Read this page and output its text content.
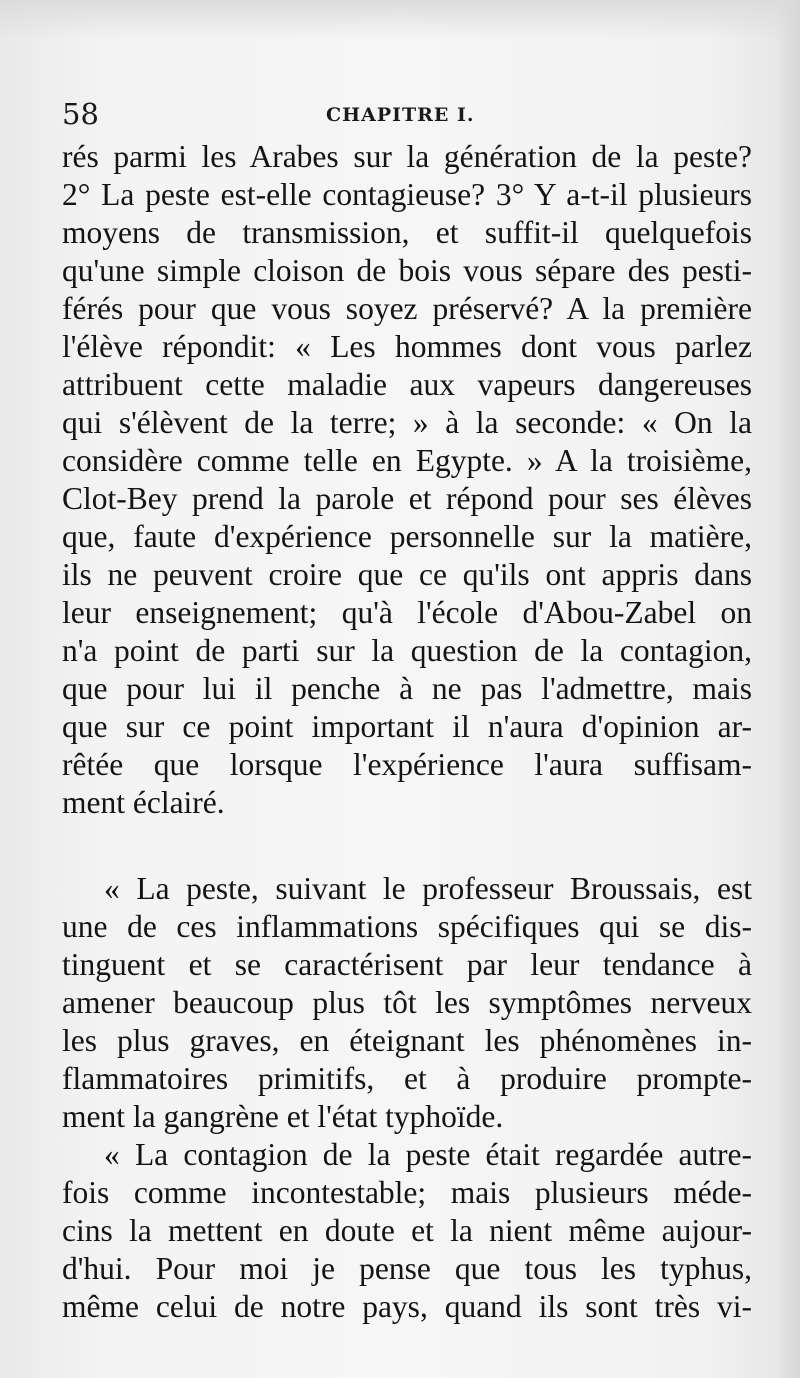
58	CHAPITRE I.
rés parmi les Arabes sur la génération de la peste?
2° La peste est-elle contagieuse? 3° Y a-t-il plusieurs
moyens de transmission, et suffit-il quelquefois
qu'une simple cloison de bois vous sépare des pesti-
férés pour que vous soyez préservé? A la première
l'élève répondit: « Les hommes dont vous parlez
attribuent cette maladie aux vapeurs dangereuses
qui s'élèvent de la terre; » à la seconde: « On la
considère comme telle en Egypte. » A la troisième,
Clot-Bey prend la parole et répond pour ses élèves
que, faute d'expérience personnelle sur la matière,
ils ne peuvent croire que ce qu'ils ont appris dans
leur enseignement; qu'à l'école d'Abou-Zabel on
n'a point de parti sur la question de la contagion,
que pour lui il penche à ne pas l'admettre, mais
que sur ce point important il n'aura d'opinion ar-
rêtée que lorsque l'expérience l'aura suffisam-
ment éclairé.
« La peste, suivant le professeur Broussais, est
une de ces inflammations spécifiques qui se dis-
tinguent et se caractérisent par leur tendance à
amener beaucoup plus tôt les symptômes nerveux
les plus graves, en éteignant les phénomènes in-
flammatoires primitifs, et à produire prompte-
ment la gangrène et l'état typhoïde.
« La contagion de la peste était regardée autre-
fois comme incontestable; mais plusieurs méde-
cins la mettent en doute et la nient même aujour-
d'hui. Pour moi je pense que tous les typhus,
même celui de notre pays, quand ils sont très vi-
